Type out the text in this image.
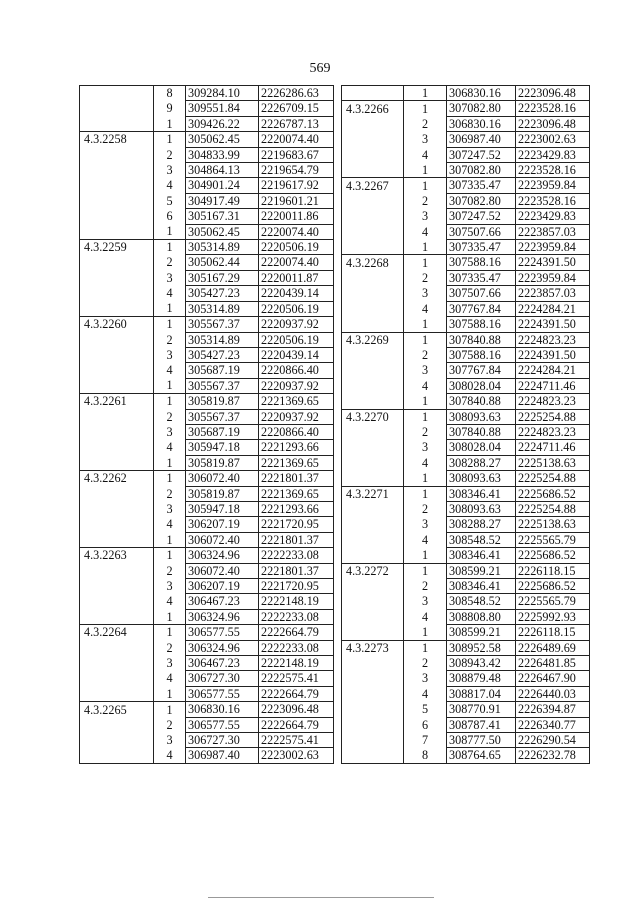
569
	8	309284.10	2226286.63
	9	309551.84	2226709.15
	1	309426.22	2226787.13
4.3.2258	1	305062.45	2220074.40
	2	304833.99	2219683.67
	3	304864.13	2219654.79
	4	304901.24	2219617.92
	5	304917.49	2219601.21
	6	305167.31	2220011.86
	1	305062.45	2220074.40
4.3.2259	1	305314.89	2220506.19
	2	305062.44	2220074.40
	3	305167.29	2220011.87
	4	305427.23	2220439.14
	1	305314.89	2220506.19
4.3.2260	1	305567.37	2220937.92
	2	305314.89	2220506.19
	3	305427.23	2220439.14
	4	305687.19	2220866.40
	1	305567.37	2220937.92
4.3.2261	1	305819.87	2221369.65
	2	305567.37	2220937.92
	3	305687.19	2220866.40
	4	305947.18	2221293.66
	1	305819.87	2221369.65
4.3.2262	1	306072.40	2221801.37
	2	305819.87	2221369.65
	3	305947.18	2221293.66
	4	306207.19	2221720.95
	1	306072.40	2221801.37
4.3.2263	1	306324.96	2222233.08
	2	306072.40	2221801.37
	3	306207.19	2221720.95
	4	306467.23	2222148.19
	1	306324.96	2222233.08
4.3.2264	1	306577.55	2222664.79
	2	306324.96	2222233.08
	3	306467.23	2222148.19
	4	306727.30	2222575.41
	1	306577.55	2222664.79
4.3.2265	1	306830.16	2223096.48
	2	306577.55	2222664.79
	3	306727.30	2222575.41
	4	306987.40	2223002.63
	1	306830.16	2223096.48
4.3.2266	1	307082.80	2223528.16
	2	306830.16	2223096.48
	3	306987.40	2223002.63
	4	307247.52	2223429.83
	1	307082.80	2223528.16
4.3.2267	1	307335.47	2223959.84
	2	307082.80	2223528.16
	3	307247.52	2223429.83
	4	307507.66	2223857.03
	1	307335.47	2223959.84
4.3.2268	1	307588.16	2224391.50
	2	307335.47	2223959.84
	3	307507.66	2223857.03
	4	307767.84	2224284.21
	1	307588.16	2224391.50
4.3.2269	1	307840.88	2224823.23
	2	307588.16	2224391.50
	3	307767.84	2224284.21
	4	308028.04	2224711.46
	1	307840.88	2224823.23
4.3.2270	1	308093.63	2225254.88
	2	307840.88	2224823.23
	3	308028.04	2224711.46
	4	308288.27	2225138.63
	1	308093.63	2225254.88
4.3.2271	1	308346.41	2225686.52
	2	308093.63	2225254.88
	3	308288.27	2225138.63
	4	308548.52	2225565.79
	1	308346.41	2225686.52
4.3.2272	1	308599.21	2226118.15
	2	308346.41	2225686.52
	3	308548.52	2225565.79
	4	308808.80	2225992.93
	1	308599.21	2226118.15
4.3.2273	1	308952.58	2226489.69
	2	308943.42	2226481.85
	3	308879.48	2226467.90
	4	308817.04	2226440.03
	5	308770.91	2226394.87
	6	308787.41	2226340.77
	7	308777.50	2226290.54
	8	308764.65	2226232.78
